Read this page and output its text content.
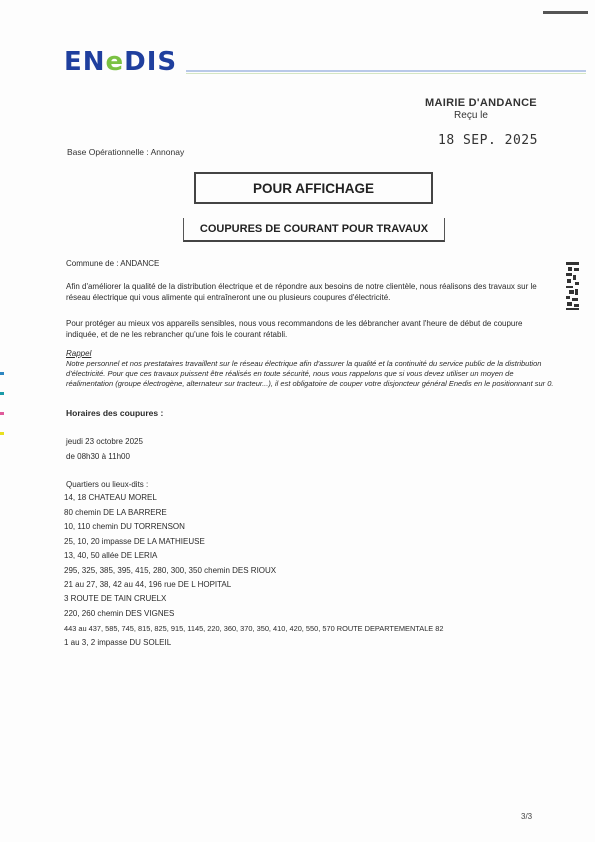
ENeDIS
MAIRIE D'ANDANCE
Reçu le
18 SEP. 2025
Base Opérationnelle : Annonay
POUR AFFICHAGE
COUPURES DE COURANT POUR TRAVAUX
Commune de : ANDANCE
Afin d'améliorer la qualité de la distribution électrique et de répondre aux besoins de notre clientèle, nous réalisons des travaux sur le réseau électrique qui vous alimente qui entraîneront une ou plusieurs coupures d'électricité.
Pour protéger au mieux vos appareils sensibles, nous vous recommandons de les débrancher avant l'heure de début de coupure indiquée, et de ne les rebrancher qu'une fois le courant rétabli.
Rappel
Notre personnel et nos prestataires travaillent sur le réseau électrique afin d'assurer la qualité et la continuité du service public de la distribution d'électricité. Pour que ces travaux puissent être réalisés en toute sécurité, nous vous rappelons que si vous devez utiliser un moyen de réalimentation (groupe électrogène, alternateur sur tracteur...), il est obligatoire de couper votre disjoncteur général Enedis en le positionnant sur 0.
Horaires des coupures :
jeudi 23 octobre 2025
de 08h30 à 11h00
Quartiers ou lieux-dits :
14, 18 CHATEAU MOREL
80 chemin DE LA BARRERE
10, 110 chemin DU TORRENSON
25, 10, 20 impasse DE LA MATHIEUSE
13, 40, 50 allée DE LERIA
295, 325, 385, 395, 415, 280, 300, 350 chemin DES RIOUX
21 au 27, 38, 42 au 44, 196 rue DE L HOPITAL
3 ROUTE DE TAIN CRUELX
220, 260 chemin DES VIGNES
443 au 437, 585, 745, 815, 825, 915, 1145, 220, 360, 370, 350, 410, 420, 550, 570 ROUTE DEPARTEMENTALE 82
1 au 3, 2 impasse DU SOLEIL
3/3
